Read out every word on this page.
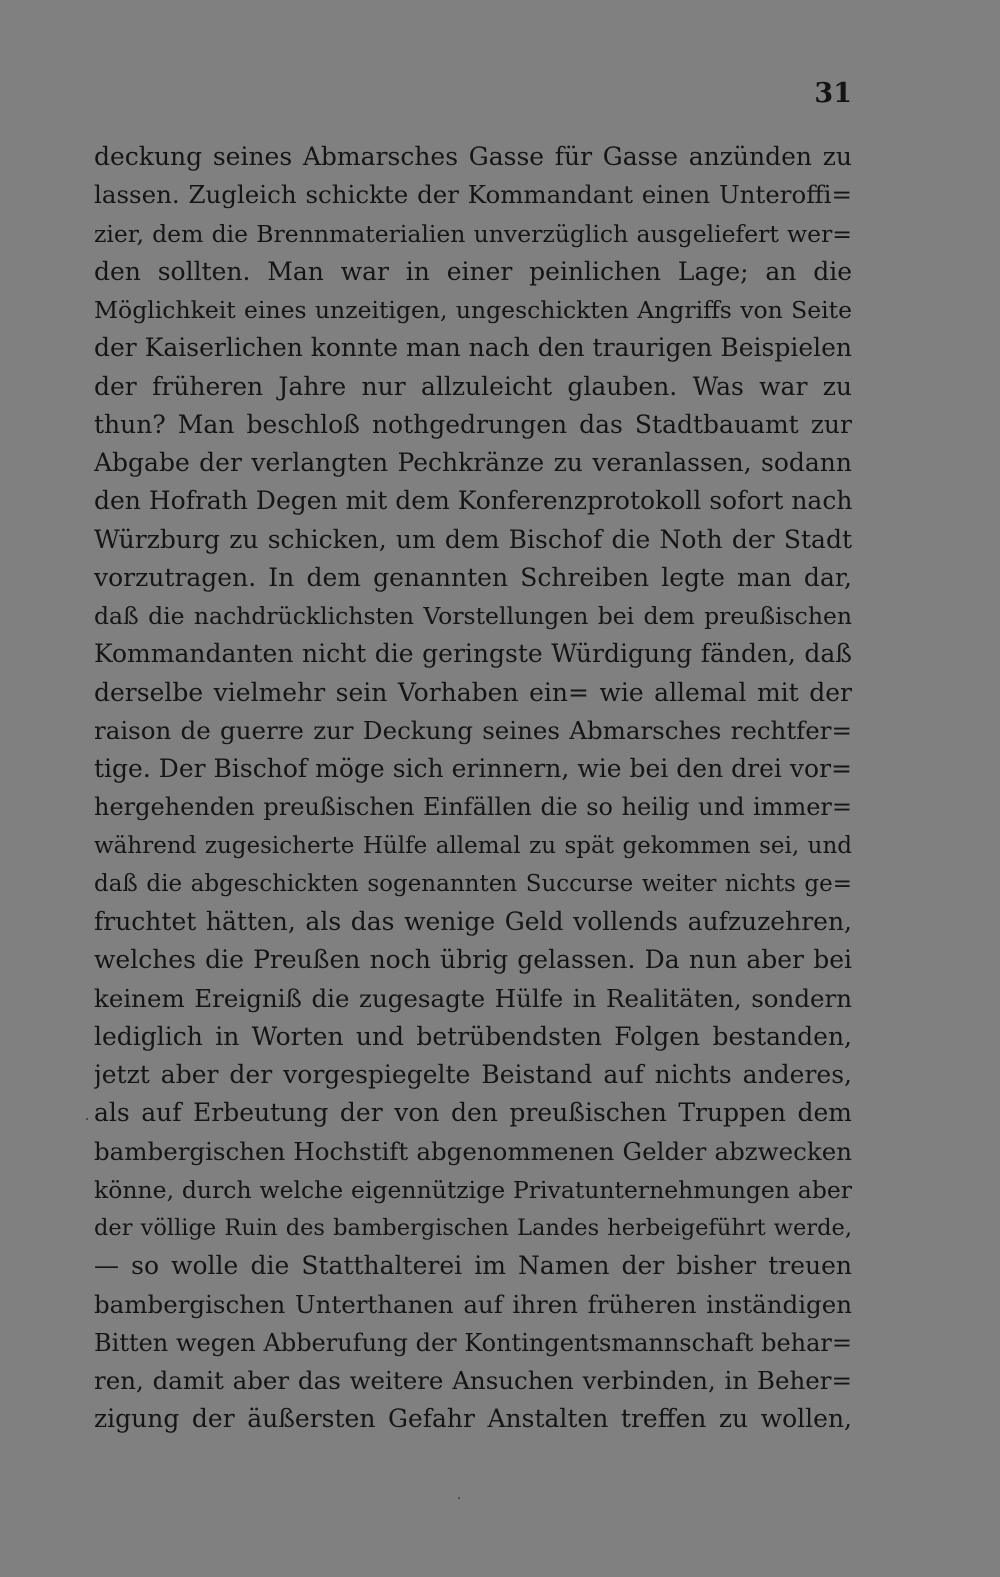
31
deckung seines Abmarsches Gasse für Gasse anzünden zu
lassen. Zugleich schickte der Kommandant einen Unteroffi=
zier, dem die Brennmaterialien unverzüglich ausgeliefert wer=
den sollten. Man war in einer peinlichen Lage; an die
Möglichkeit eines unzeitigen, ungeschickten Angriffs von Seite
der Kaiserlichen konnte man nach den traurigen Beispielen
der früheren Jahre nur allzuleicht glauben. Was war zu
thun? Man beschloß nothgedrungen das Stadtbauamt zur
Abgabe der verlangten Pechkränze zu veranlassen, sodann
den Hofrath Degen mit dem Konferenzprotokoll sofort nach
Würzburg zu schicken, um dem Bischof die Noth der Stadt
vorzutragen. In dem genannten Schreiben legte man dar,
daß die nachdrücklichsten Vorstellungen bei dem preußischen
Kommandanten nicht die geringste Würdigung fänden, daß
derselbe vielmehr sein Vorhaben ein= wie allemal mit der
raison de guerre zur Deckung seines Abmarsches rechtfer=
tige. Der Bischof möge sich erinnern, wie bei den drei vor=
hergehenden preußischen Einfällen die so heilig und immer=
während zugesicherte Hülfe allemal zu spät gekommen sei, und
daß die abgeschickten sogenannten Succurse weiter nichts ge=
fruchtet hätten, als das wenige Geld vollends aufzuzehren,
welches die Preußen noch übrig gelassen. Da nun aber bei
keinem Ereigniß die zugesagte Hülfe in Realitäten, sondern
lediglich in Worten und betrübendsten Folgen bestanden,
jetzt aber der vorgespiegelte Beistand auf nichts anderes,
als auf Erbeutung der von den preußischen Truppen dem
bambergischen Hochstift abgenommenen Gelder abzwecken
könne, durch welche eigennützige Privatunternehmungen aber
der völlige Ruin des bambergischen Landes herbeigeführt werde,
— so wolle die Statthalterei im Namen der bisher treuen
bambergischen Unterthanen auf ihren früheren inständigen
Bitten wegen Abberufung der Kontingentsmannschaft behar=
ren, damit aber das weitere Ansuchen verbinden, in Beher=
zigung der äußersten Gefahr Anstalten treffen zu wollen,
